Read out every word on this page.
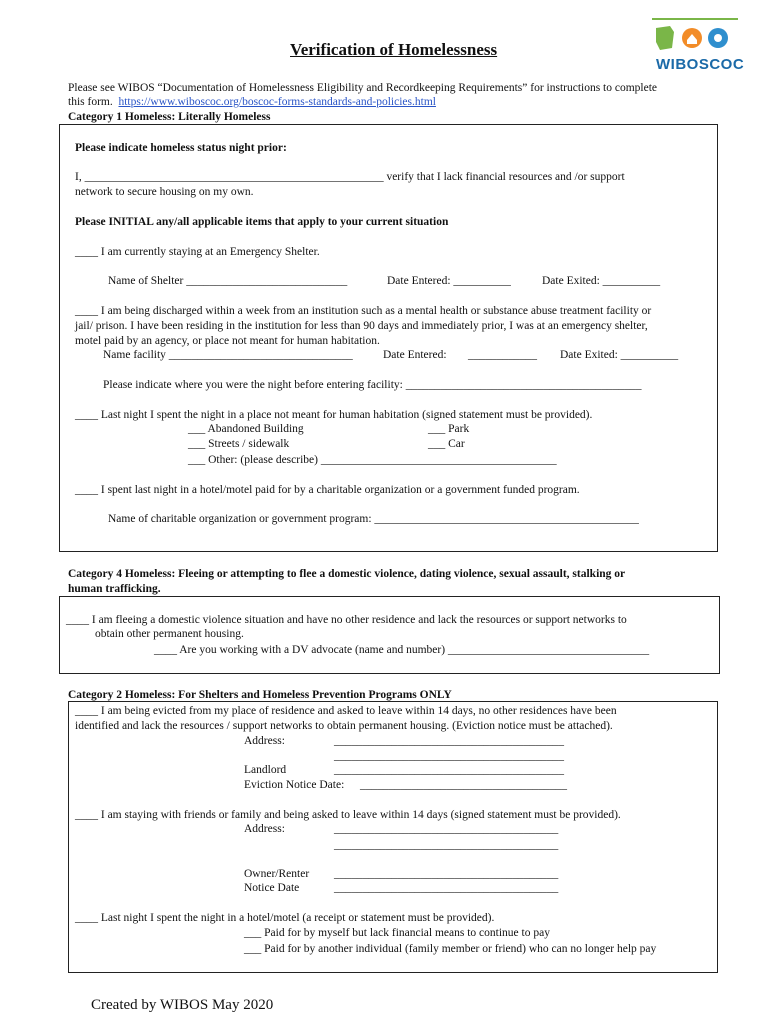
WIBOSCOC
Verification of Homelessness
Please see WIBOS “Documentation of Homelessness Eligibility and Recordkeeping Requirements” for instructions to complete
this form. https://www.wiboscoc.org/boscoc-forms-standards-and-policies.html
Category 1 Homeless: Literally Homeless
Please indicate homeless status night prior:
I, ____________________________________________________ verify that I lack financial resources and /or support
network to secure housing on my own.
Please INITIAL any/all applicable items that apply to your current situation
____ I am currently staying at an Emergency Shelter.
Name of Shelter ____________________________	Date Entered: __________	Date Exited: __________
____ I am being discharged within a week from an institution such as a mental health or substance abuse treatment facility or
jail/ prison. I have been residing in the institution for less than 90 days and immediately prior, I was at an emergency shelter,
motel paid by an agency, or place not meant for human habitation.
Name facility ________________________________	Date Entered: ____________ Date Exited: __________
Please indicate where you were the night before entering facility: _________________________________________
____ Last night I spent the night in a place not meant for human habitation (signed statement must be provided).
___ Abandoned Building	___ Park
___ Streets / sidewalk	___ Car
___ Other: (please describe) _________________________________________
____ I spent last night in a hotel/motel paid for by a charitable organization or a government funded program.
Name of charitable organization or government program: ______________________________________________
Category 4 Homeless: Fleeing or attempting to flee a domestic violence, dating violence, sexual assault, stalking or
human trafficking.
____ I am fleeing a domestic violence situation and have no other residence and lack the resources or support networks to
obtain other permanent housing.
____ Are you working with a DV advocate (name and number) ___________________________________
Category 2 Homeless: For Shelters and Homeless Prevention Programs ONLY
____ I am being evicted from my place of residence and asked to leave within 14 days, no other residences have been
identified and lack the resources / support networks to obtain permanent housing. (Eviction notice must be attached).
Address:	________________________________________
________________________________________
Landlord	________________________________________
Eviction Notice Date: ____________________________________
____ I am staying with friends or family and being asked to leave within 14 days (signed statement must be provided).
Address:	_______________________________________
_______________________________________
Owner/Renter _______________________________________
Notice Date	_______________________________________
____ Last night I spent the night in a hotel/motel (a receipt or statement must be provided).
___ Paid for by myself but lack financial means to continue to pay
___ Paid for by another individual (family member or friend) who can no longer help pay
Created by WIBOS May 2020
